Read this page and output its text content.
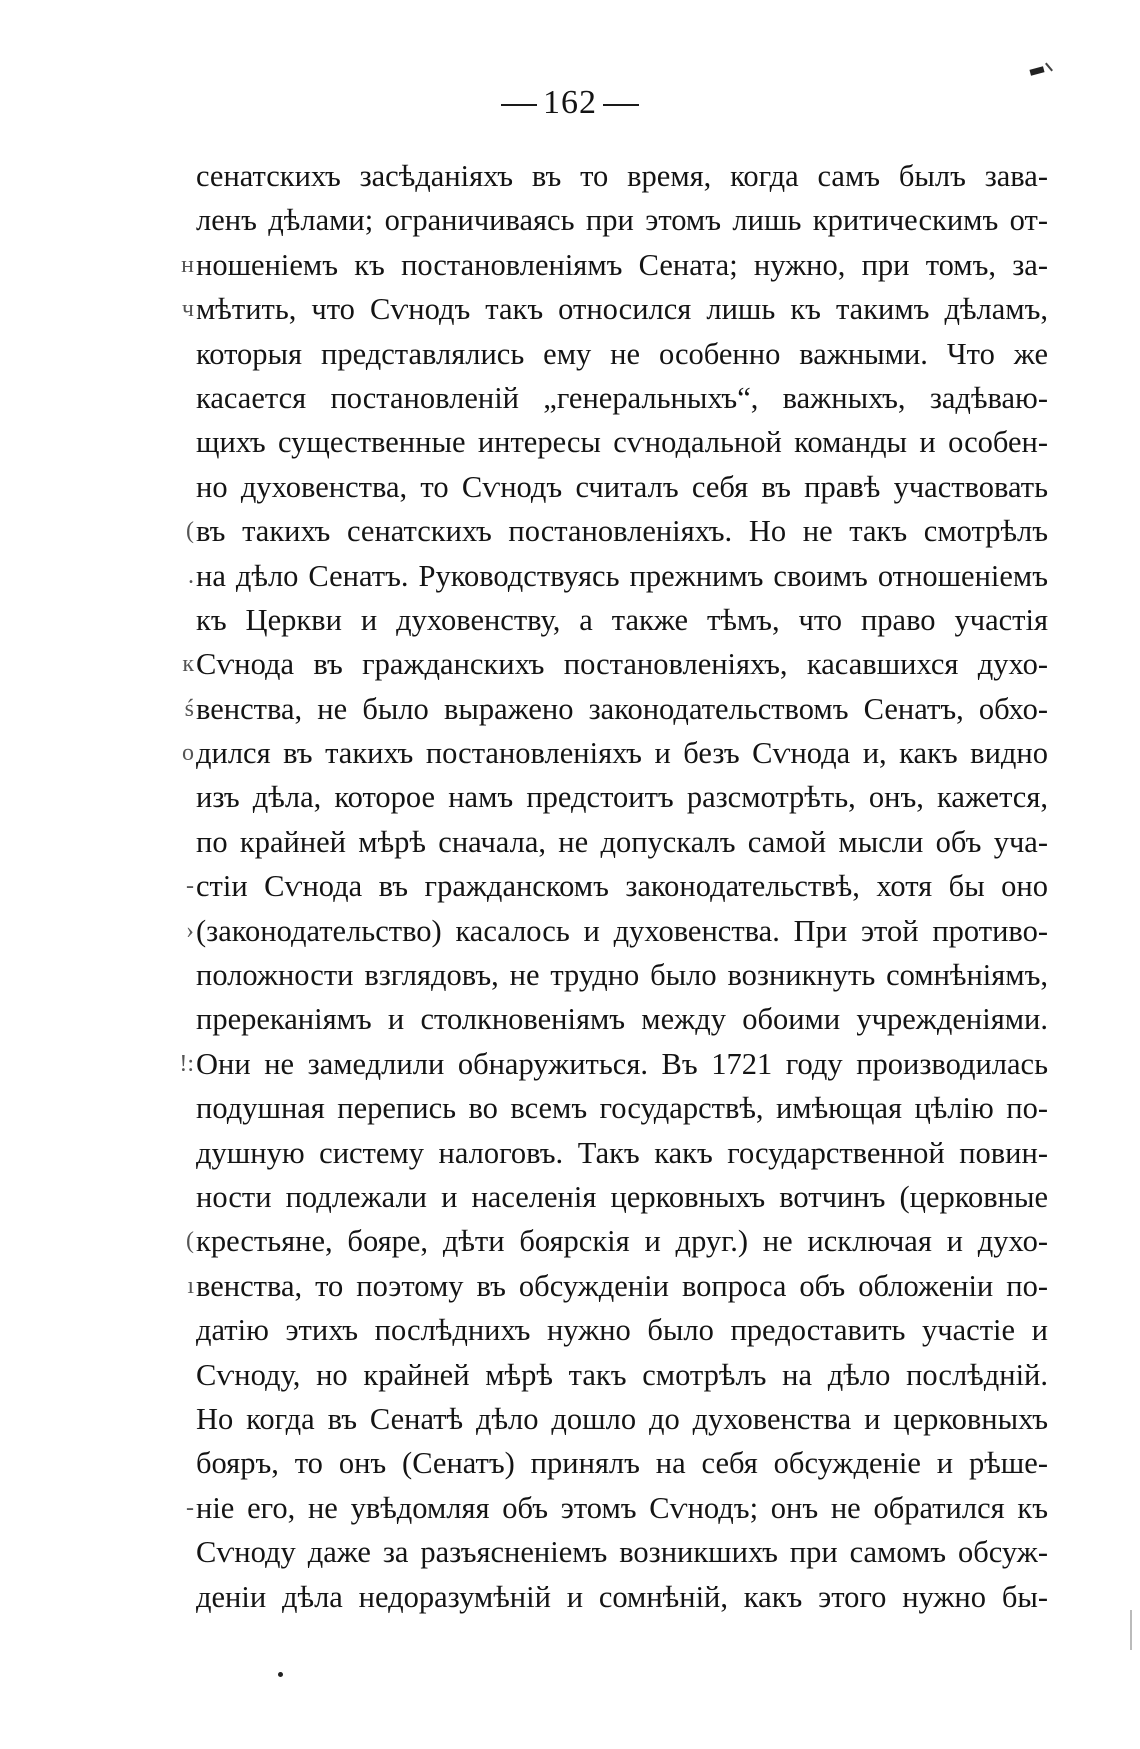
162
н
ч
(
.
к
ś
о
-
›
!:
(
ı
-
сенатскихъ засѣданіяхъ въ то время, когда самъ былъ зава-
ленъ дѣлами; ограничиваясь при этомъ лишь критическимъ от-
ношеніемъ къ постановленіямъ Сената; нужно, при томъ, за-
мѣтить, что Сѵнодъ такъ относился лишь къ такимъ дѣламъ,
которыя представлялись ему не особенно важными. Что же
касается постановленій „генеральныхъ“, важныхъ, задѣваю-
щихъ существенные интересы сѵнодальной команды и особен-
но духовенства, то Сѵнодъ считалъ себя въ правѣ участвовать
въ такихъ сенатскихъ постановленіяхъ. Но не такъ смотрѣлъ
на дѣло Сенатъ. Руководствуясь прежнимъ своимъ отношеніемъ
къ Церкви и духовенству, а также тѣмъ, что право участія
Сѵнода въ гражданскихъ постановленіяхъ, касавшихся духо-
венства, не было выражено законодательствомъ Сенатъ, обхо-
дился въ такихъ постановленіяхъ и безъ Сѵнода и, какъ видно
изъ дѣла, которое намъ предстоитъ разсмотрѣть, онъ, кажется,
по крайней мѣрѣ сначала, не допускалъ самой мысли объ уча-
стіи Сѵнода въ гражданскомъ законодательствѣ, хотя бы оно
(законодательство) касалось и духовенства. При этой противо-
положности взглядовъ, не трудно было возникнуть сомнѣніямъ,
пререканіямъ и столкновеніямъ между обоими учрежденіями.
Они не замедлили обнаружиться. Въ 1721 году производилась
подушная перепись во всемъ государствѣ, имѣющая цѣлію по-
душную систему налоговъ. Такъ какъ государственной повин-
ности подлежали и населенія церковныхъ вотчинъ (церковные
крестьяне, бояре, дѣти боярскія и друг.) не исключая и духо-
венства, то поэтому въ обсужденіи вопроса объ обложеніи по-
датію этихъ послѣднихъ нужно было предоставить участіе и
Сѵноду, но крайней мѣрѣ такъ смотрѣлъ на дѣло послѣдній.
Но когда въ Сенатѣ дѣло дошло до духовенства и церковныхъ
бояръ, то онъ (Сенатъ) принялъ на себя обсужденіе и рѣше-
ніе его, не увѣдомляя объ этомъ Сѵнодъ; онъ не обратился къ
Сѵноду даже за разъясненіемъ возникшихъ при самомъ обсуж-
деніи дѣла недоразумѣній и сомнѣній, какъ этого нужно бы-
